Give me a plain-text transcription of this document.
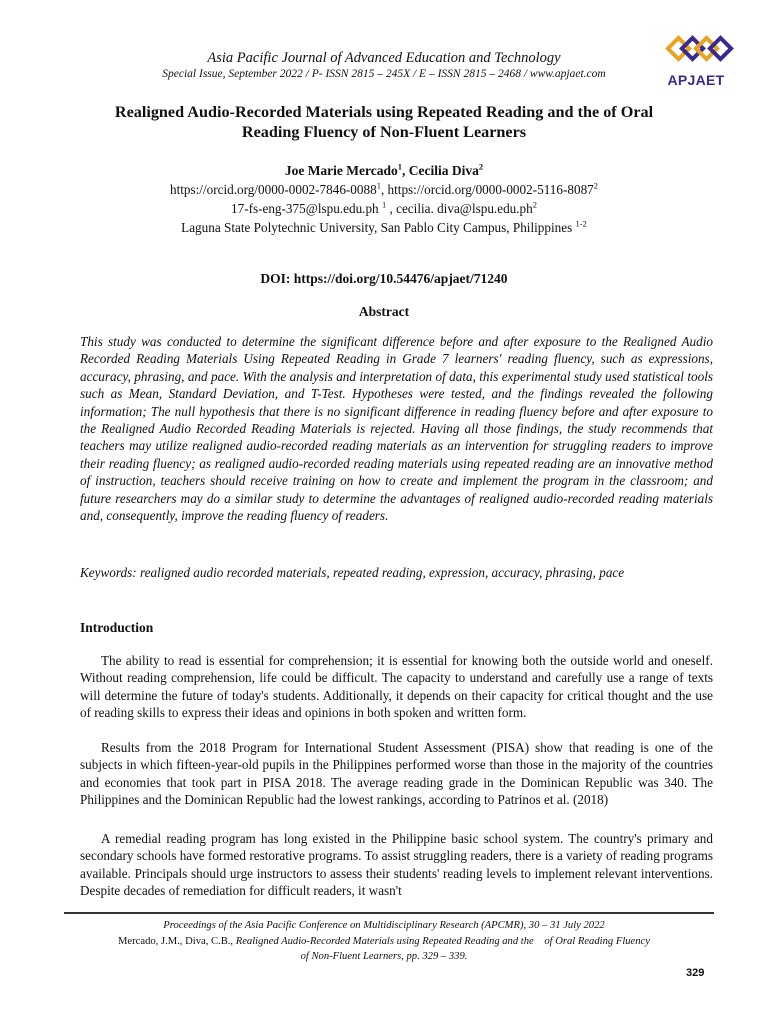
Asia Pacific Journal of Advanced Education and Technology
Special Issue, September 2022 / P- ISSN 2815 – 245X / E – ISSN 2815 – 2468 / www.apjaet.com	APJAET
Realigned Audio-Recorded Materials using Repeated Reading and the of Oral
Reading Fluency of Non-Fluent Learners
Joe Marie Mercado$^1$, Cecilia Diva$^2$
https://orcid.org/0000-0002-7846-0088$^1$, https://orcid.org/0000-0002-5116-8087$^2$
17-fs-eng-375@lspu.edu.ph $^1$ , cecilia. $diva@lspu.edu.ph^2$
Laguna State Polytechnic University, San Pablo City Campus, Philippines $^{1-2}$
DOI: https://doi.org/10.54476/apjaet/71240
Abstract

This study was conducted to determine the significant difference before and after exposure to the Realigned Audio Recorded Reading Materials Using Repeated Reading in Grade 7 learners' reading fluency, such as expressions, accuracy, phrasing, and pace. With the analysis and interpretation of data, this experimental study used statistical tools such as Mean, Standard Deviation, and T-Test. Hypotheses were tested, and the findings revealed the following information; The null hypothesis that there is no significant difference in reading fluency before and after exposure to the Realigned Audio Recorded Reading Materials is rejected. Having all those findings, the study recommends that teachers may utilize realigned audio-recorded reading materials as an intervention for struggling readers to improve their reading fluency; as realigned audio-recorded reading materials using repeated reading are an innovative method of instruction, teachers should receive training on how to create and implement the program in the classroom; and future researchers may do a similar study to determine the advantages of realigned audio-recorded reading materials and, consequently, improve the reading fluency of readers.

Keywords: realigned audio recorded materials, repeated reading, expression, accuracy, phrasing, pace
Introduction

The ability to read is essential for comprehension; it is essential for knowing both the outside world and oneself. Without reading comprehension, life could be difficult. The capacity to understand and carefully use a range of texts will determine the future of today's students. Additionally, it depends on their capacity for critical thought and the use of reading skills to express their ideas and opinions in both spoken and written form.

Results from the 2018 Program for International Student Assessment (PISA) show that reading is one of the subjects in which fifteen-year-old pupils in the Philippines performed worse than those in the majority of the countries and economies that took part in PISA 2018. The average reading grade in the Dominican Republic was 340. The Philippines and the Dominican Republic had the lowest rankings, according to Patrinos et al. (2018)

A remedial reading program has long existed in the Philippine basic school system. The country's primary and secondary schools have formed restorative programs. To assist struggling readers, there is a variety of reading programs available. Principals should urge instructors to assess their students' reading levels to implement relevant interventions. Despite decades of remediation for difficult readers, it wasn't

Proceedings of the Asia Pacific Conference on Multidisciplinary Research (APCMR), 30 – 31 July 2022
Mercado, J.M., Diva, C.B., Realigned Audio-Recorded Materials using Repeated Reading and the    of Oral Reading Fluency
of Non-Fluent Learners, pp. 329 – 339.
329
